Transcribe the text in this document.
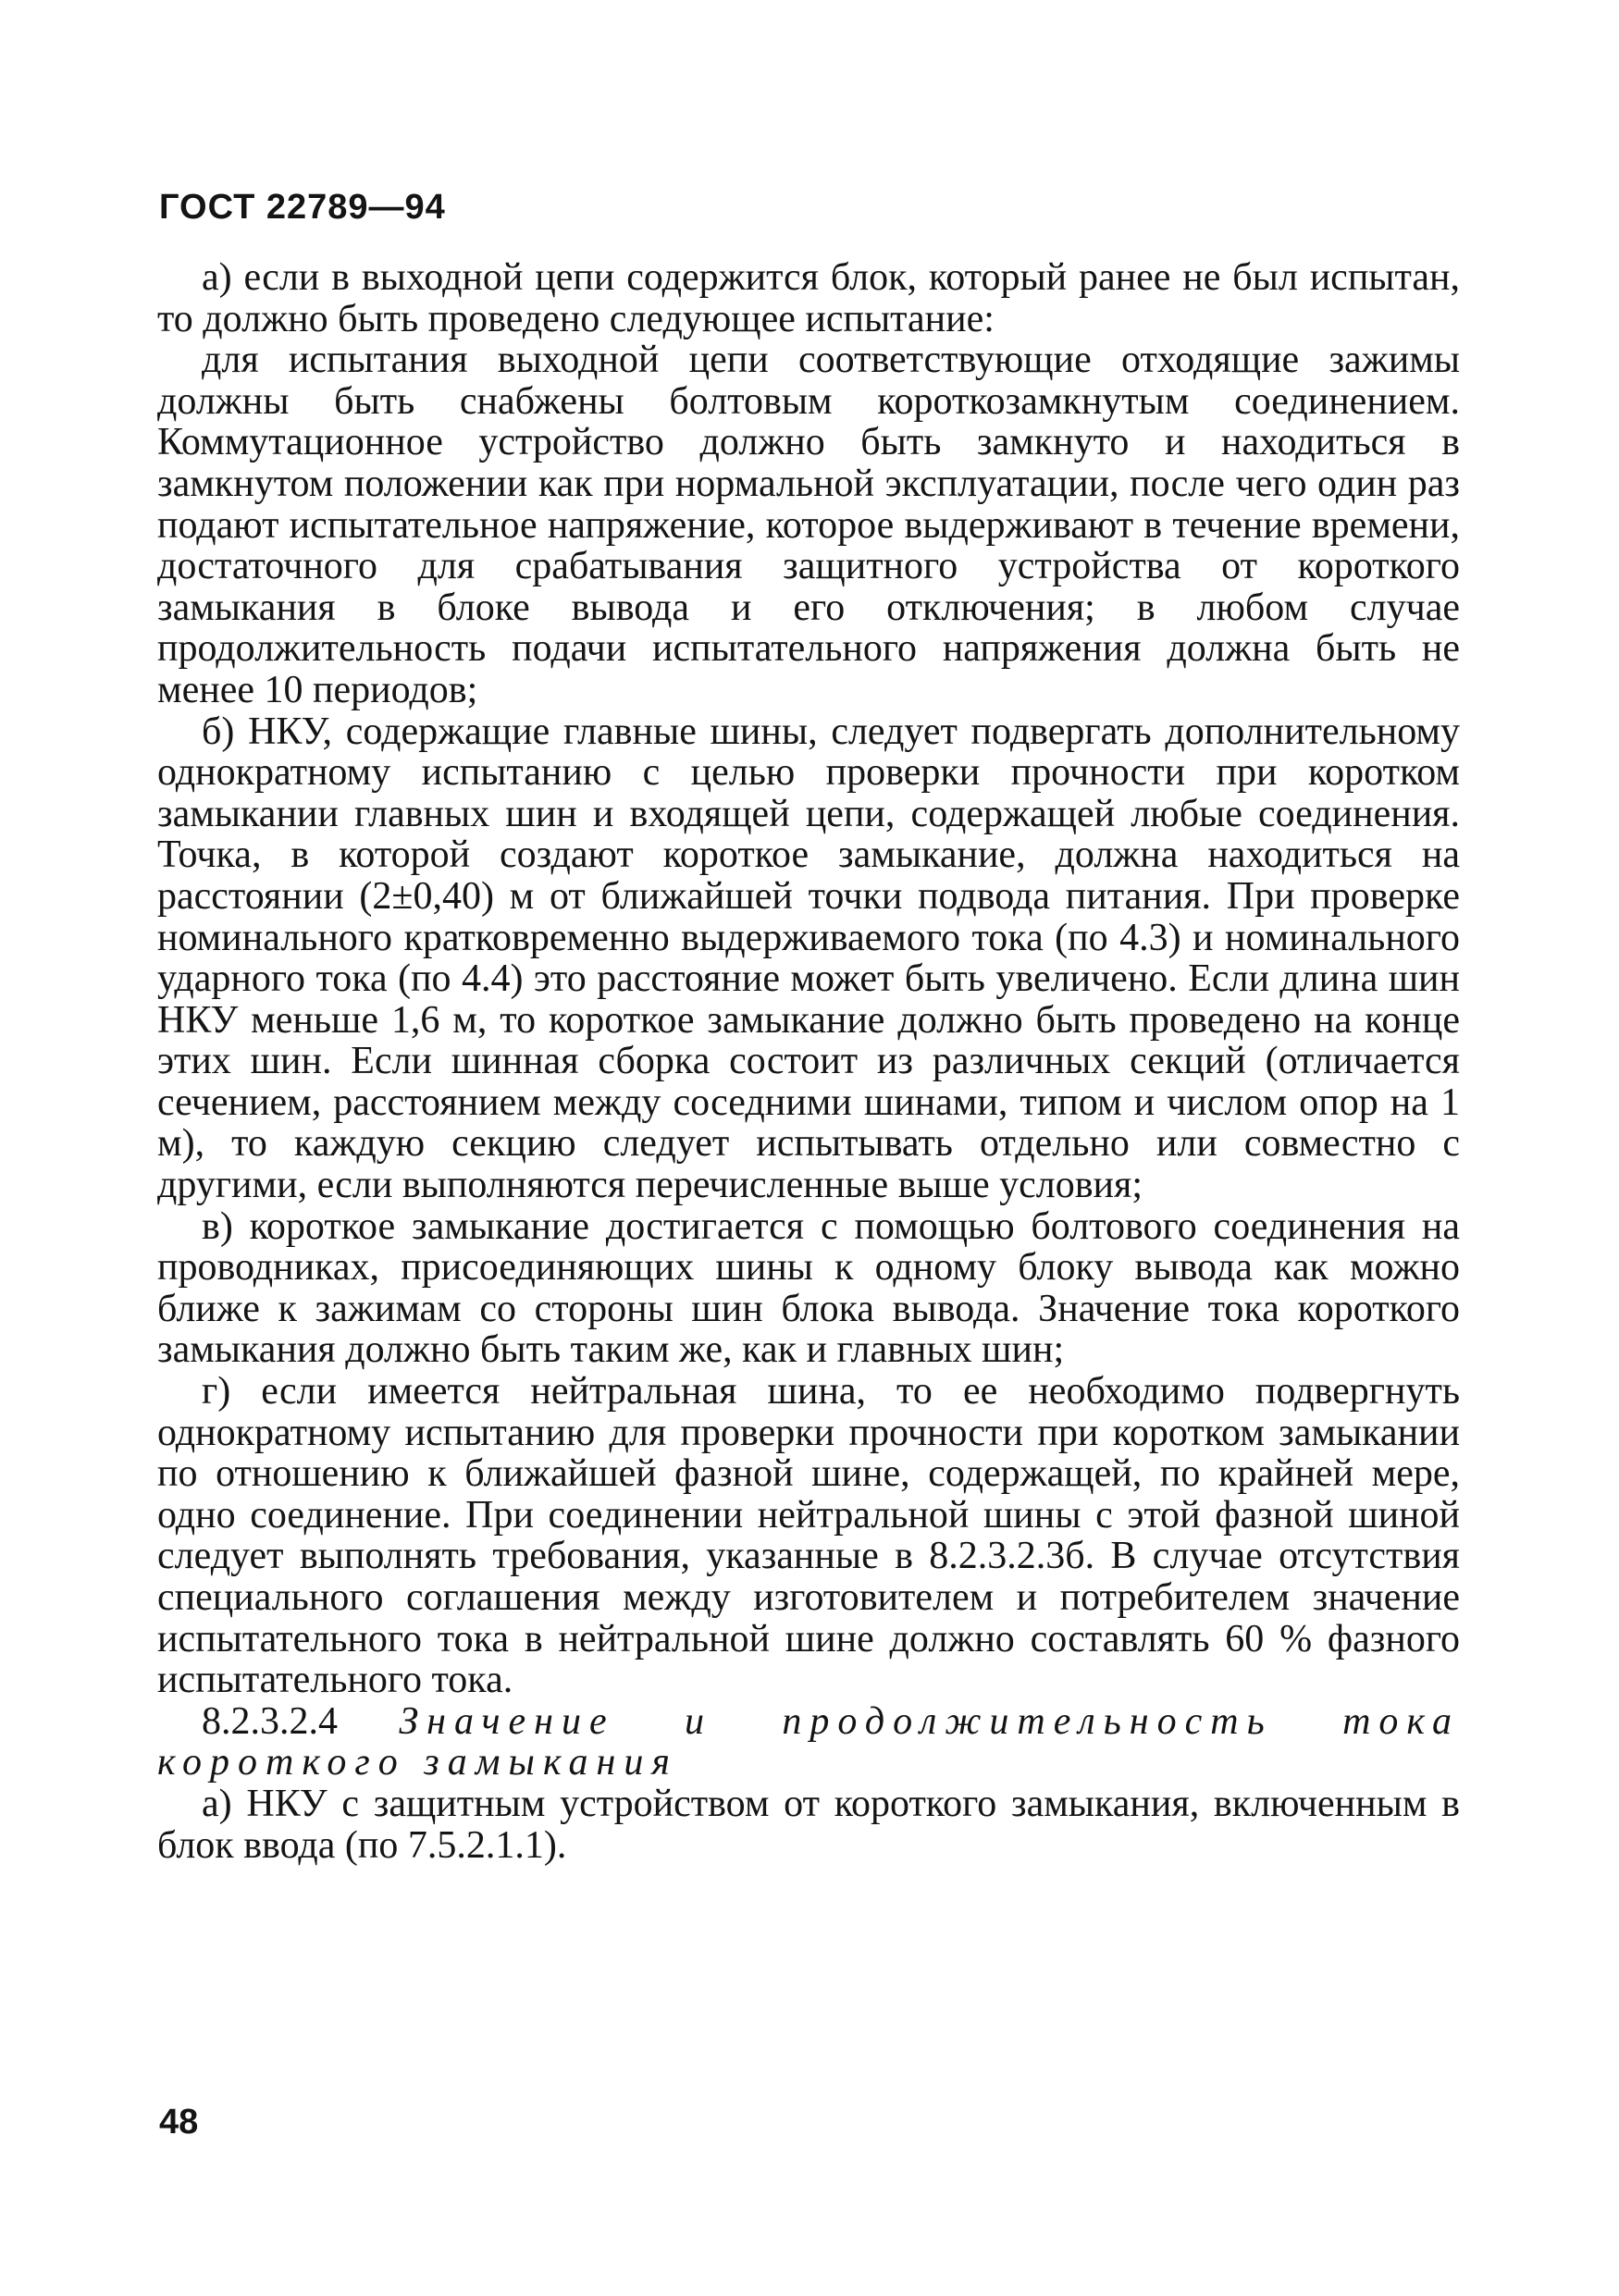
ГОСТ 22789—94

а) если в выходной цепи содержится блок, который ранее не был испытан, то должно быть проведено следующее испытание:

для испытания выходной цепи соответствующие отходящие зажимы должны быть снабжены болтовым короткозамкнутым соединением. Коммутационное устройство должно быть замкнуто и находиться в замкнутом положении как при нормальной эксплуатации, после чего один раз подают испытательное напряжение, которое выдерживают в течение времени, достаточного для срабатывания защитного устройства от короткого замыкания в блоке вывода и его отключения; в любом случае продолжительность подачи испытательного напряжения должна быть не менее 10 периодов;

б) НКУ, содержащие главные шины, следует подвергать дополнительному однократному испытанию с целью проверки прочности при коротком замыкании главных шин и входящей цепи, содержащей любые соединения. Точка, в которой создают короткое замыкание, должна находиться на расстоянии (2±0,40) м от ближайшей точки подвода питания. При проверке номинального кратковременно выдерживаемого тока (по 4.3) и номинального ударного тока (по 4.4) это расстояние может быть увеличено. Если длина шин НКУ меньше 1,6 м, то короткое замыкание должно быть проведено на конце этих шин. Если шинная сборка состоит из различных секций (отличается сечением, расстоянием между соседними шинами, типом и числом опор на 1 м), то каждую секцию следует испытывать отдельно или совместно с другими, если выполняются перечисленные выше условия;

в) короткое замыкание достигается с помощью болтового соединения на проводниках, присоединяющих шины к одному блоку вывода как можно ближе к зажимам со стороны шин блока вывода. Значение тока короткого замыкания должно быть таким же, как и главных шин;

г) если имеется нейтральная шина, то ее необходимо подвергнуть однократному испытанию для проверки прочности при коротком замыкании по отношению к ближайшей фазной шине, содержащей, по крайней мере, одно соединение. При соединении нейтральной шины с этой фазной шиной следует выполнять требования, указанные в 8.2.3.2.3б. В случае отсутствия специального соглашения между изготовителем и потребителем значение испытательного тока в нейтральной шине должно составлять 60 % фазного испытательного тока.

8.2.3.2.4 Значение и продолжительность тока короткого замыкания

а) НКУ с защитным устройством от короткого замыкания, включенным в блок ввода (по 7.5.2.1.1).

48
